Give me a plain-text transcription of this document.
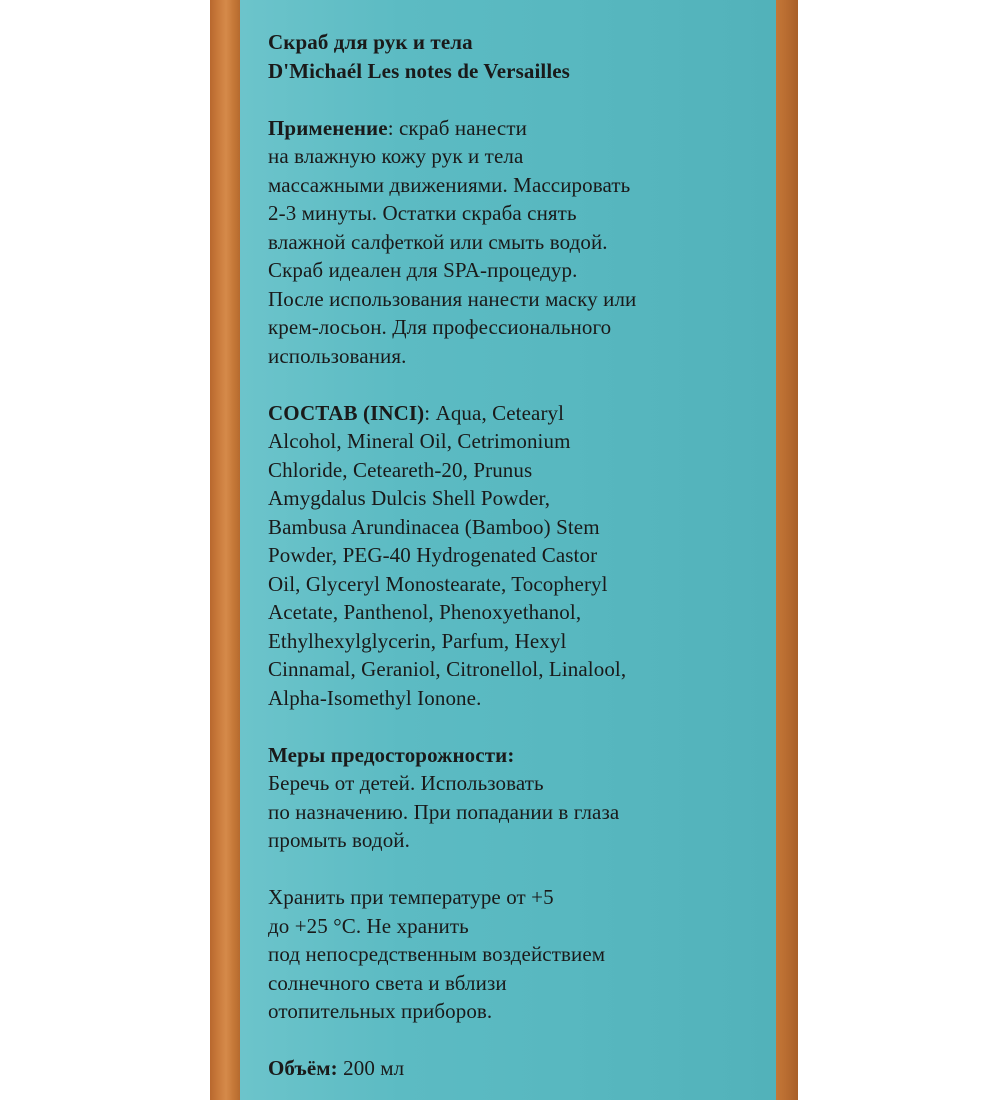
Скраб для рук и тела
D'Michaél Les notes de Versailles
Применение: скраб нанести
на влажную кожу рук и тела
массажными движениями. Массировать
2-3 минуты. Остатки скраба снять
влажной салфеткой или смыть водой.
Скраб идеален для SPA-процедур.
После использования нанести маску или
крем-лосьон. Для профессионального
использования.
СОСТАВ (INCI): Aqua, Cetearyl
Alcohol, Mineral Oil, Cetrimonium
Chloride, Ceteareth-20, Prunus
Amygdalus Dulcis Shell Powder,
Bambusa Arundinacea (Bamboo) Stem
Powder, PEG-40 Hydrogenated Castor
Oil, Glyceryl Monostearate, Tocopheryl
Acetate, Panthenol, Phenoxyethanol,
Ethylhexylglycerin, Parfum, Hexyl
Cinnamal, Geraniol, Citronellol, Linalool,
Alpha-Isomethyl Ionone.
Меры предосторожности:
Беречь от детей. Использовать
по назначению. При попадании в глаза
промыть водой.
Хранить при температуре от +5
до +25 °С. Не хранить
под непосредственным воздействием
солнечного света и вблизи
отопительных приборов.
Объём: 200 мл
